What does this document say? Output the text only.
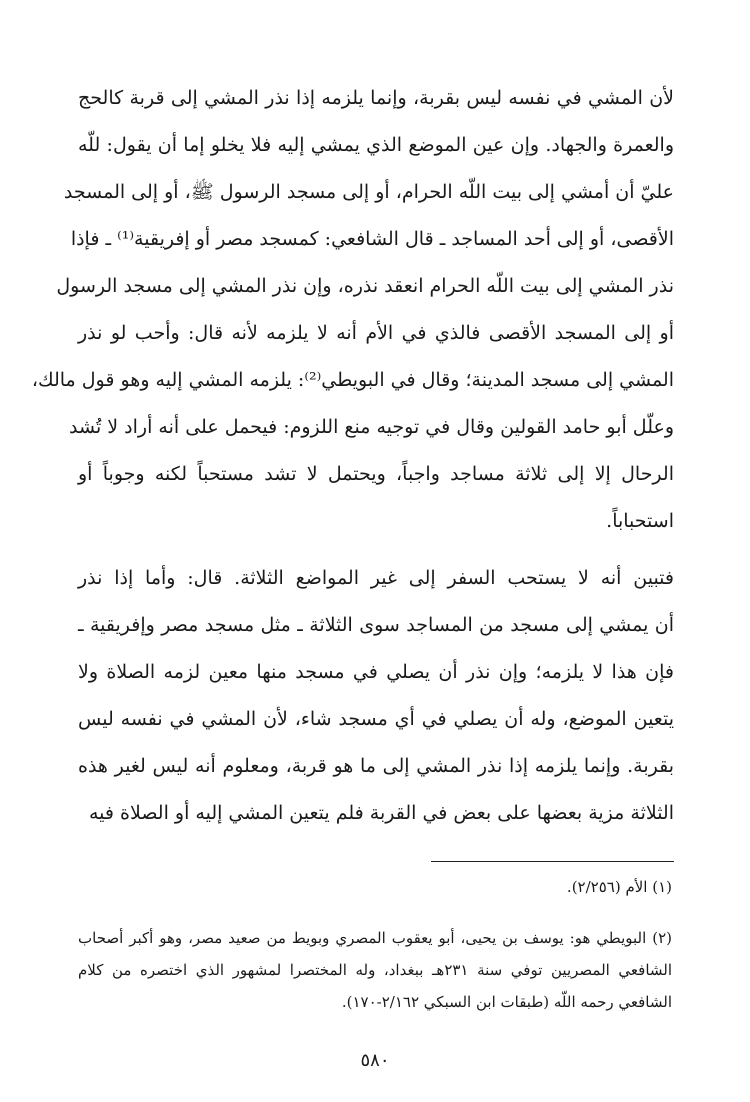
لأن المشي في نفسه ليس بقربة، وإنما يلزمه إذا نذر المشي إلى قربة كالحج
والعمرة والجهاد. وإن عين الموضع الذي يمشي إليه فلا يخلو إما أن يقول: للّه
عليّ أن أمشي إلى بيت اللّه الحرام، أو إلى مسجد الرسول ﷺ، أو إلى المسجد
الأقصى، أو إلى أحد المساجد ـ قال الشافعي: كمسجد مصر أو إفريقية⁽¹⁾ ـ فإذا
نذر المشي إلى بيت اللّه الحرام انعقد نذره، وإن نذر المشي إلى مسجد الرسول
أو إلى المسجد الأقصى فالذي في الأم أنه لا يلزمه لأنه قال: وأحب لو نذر
المشي إلى مسجد المدينة؛ وقال في البويطي⁽²⁾: يلزمه المشي إليه وهو قول مالك،
وعلّل أبو حامد القولين وقال في توجيه منع اللزوم: فيحمل على أنه أراد لا تُشد
الرحال إلا إلى ثلاثة مساجد واجباً، ويحتمل لا تشد مستحباً لكنه وجوباً أو
استحباباً.
فتبين أنه لا يستحب السفر إلى غير المواضع الثلاثة. قال: وأما إذا نذر
أن يمشي إلى مسجد من المساجد سوى الثلاثة ـ مثل مسجد مصر وإفريقية ـ
فإن هذا لا يلزمه؛ وإن نذر أن يصلي في مسجد منها معين لزمه الصلاة ولا
يتعين الموضع، وله أن يصلي في أي مسجد شاء، لأن المشي في نفسه ليس
بقربة. وإنما يلزمه إذا نذر المشي إلى ما هو قربة، ومعلوم أنه ليس لغير هذه
الثلاثة مزية بعضها على بعض في القربة فلم يتعين المشي إليه أو الصلاة فيه
(١) الأم (٢/٢٥٦).
(٢) البويطي هو: يوسف بن يحيى، أبو يعقوب المصري وبويط من صعيد مصر، وهو أكبر أصحاب
الشافعي المصريين توفي سنة ٢٣١هـ ببغداد، وله المختصرا لمشهور الذي اختصره من كلام
الشافعي رحمه اللّه (طبقات ابن السبكي ٢/١٦٢-١٧٠).
٥٨٠
